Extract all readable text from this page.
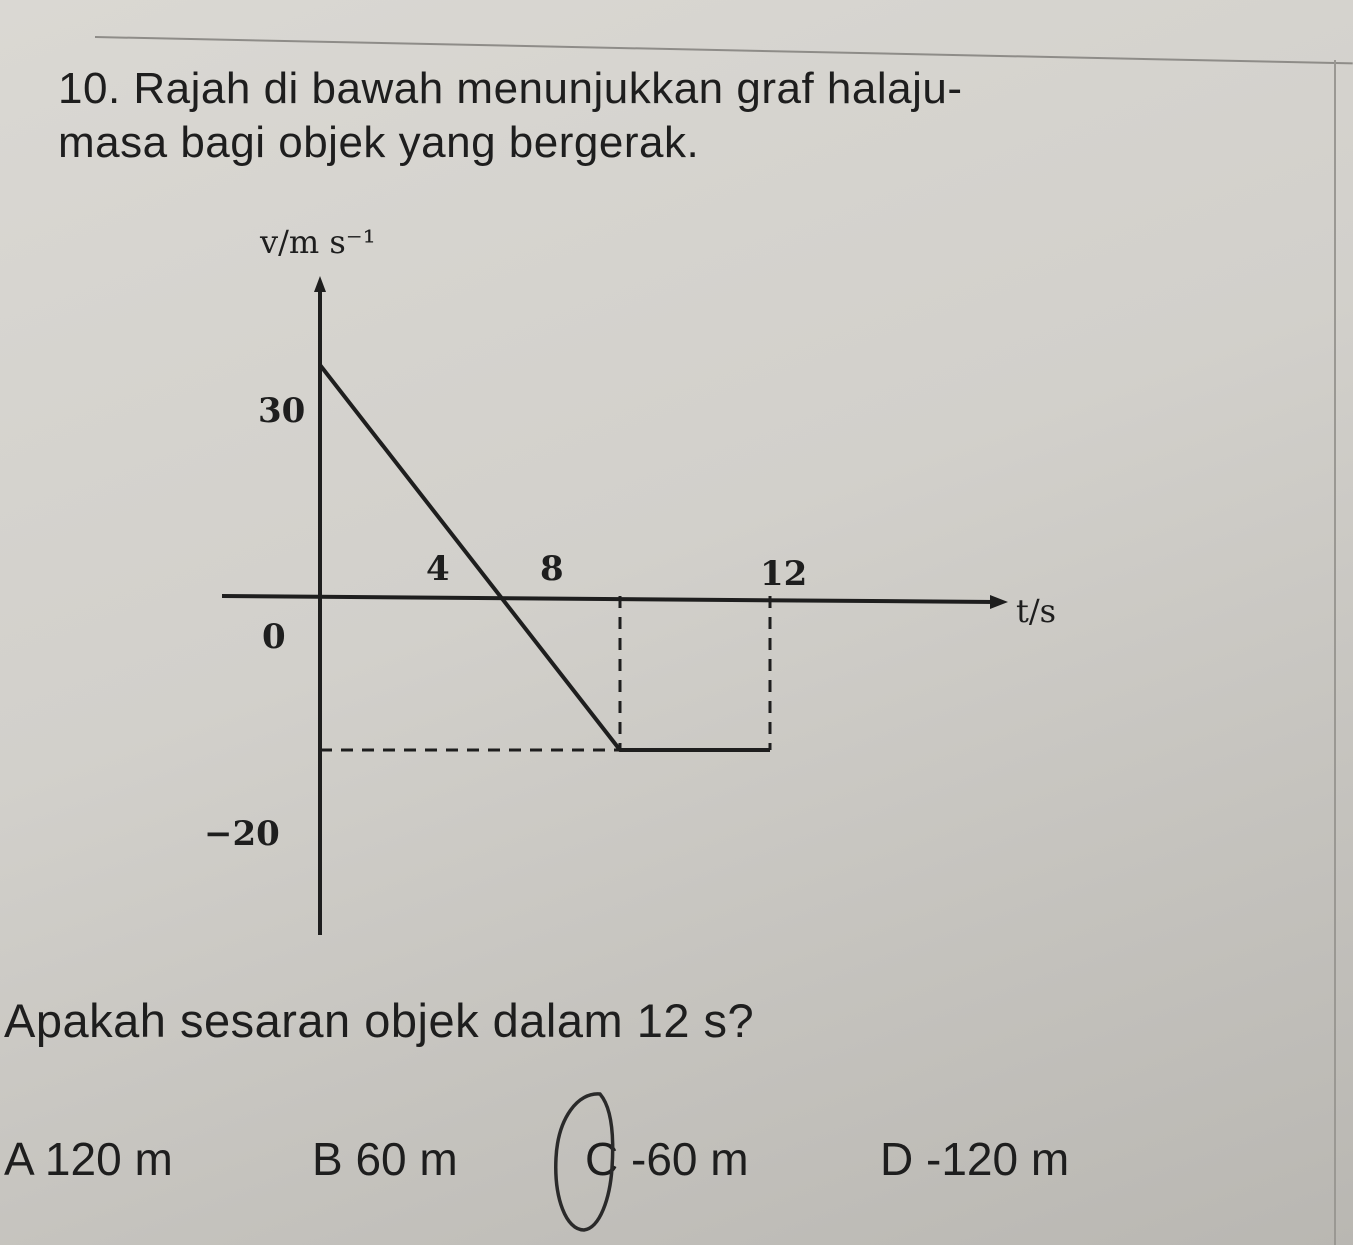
10. Rajah di bawah menunjukkan graf halaju-
masa bagi objek yang bergerak.
30
0
−20
4	8	12
v/m s⁻¹
t/s
Apakah sesaran objek dalam 12 s?
A 120 m	B 60 m	C -60 m	D -120 m
